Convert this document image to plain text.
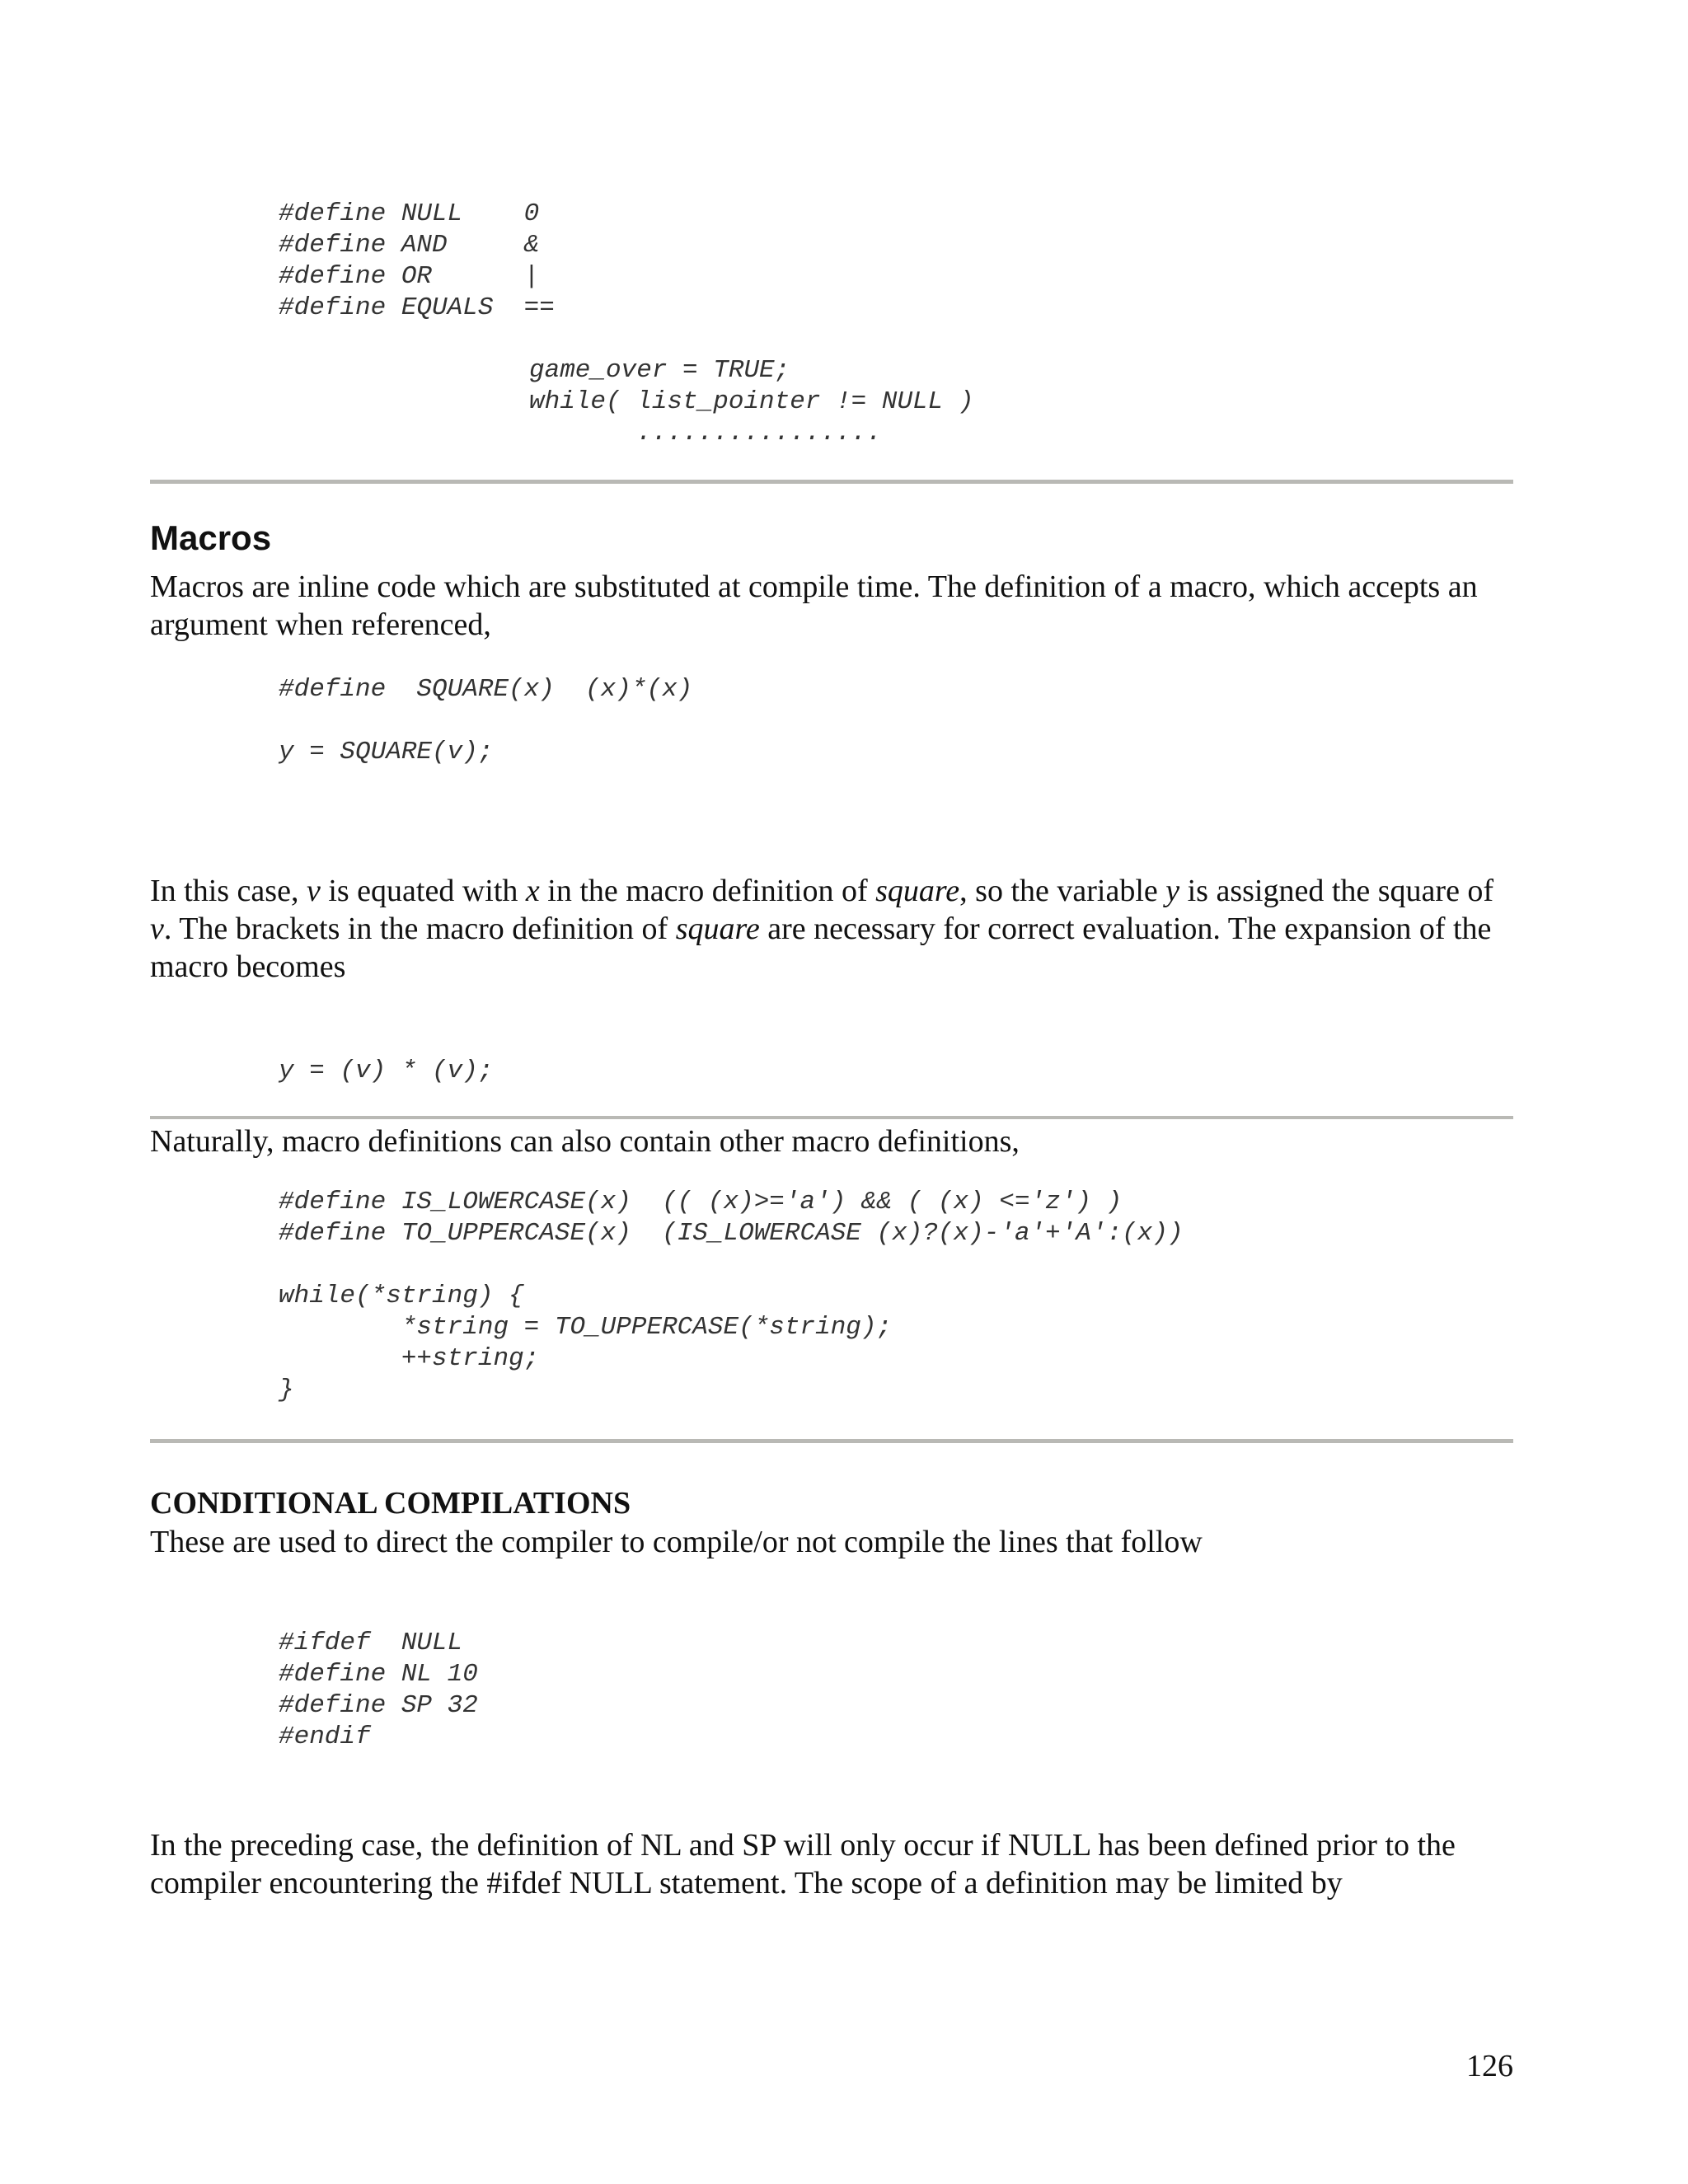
#define NULL    0
#define AND     &
#define OR      |
#define EQUALS  ==
game_over = TRUE;
while( list_pointer != NULL )
................
Macros

Macros are inline code which are substituted at compile time. The definition of a macro, which accepts an argument when referenced,

#define  SQUARE(x)  (x)*(x)

y = SQUARE(v);

In this case, v is equated with x in the macro definition of square, so the variable y is assigned the square of v. The brackets in the macro definition of square are necessary for correct evaluation. The expansion of the macro becomes

y = (v) * (v);

Naturally, macro definitions can also contain other macro definitions,

#define IS_LOWERCASE(x)  (( (x)>='a') && ( (x) <='z') )
#define TO_UPPERCASE(x)  (IS_LOWERCASE (x)?(x)-'a'+'A':(x))

while(*string) {
*string = TO_UPPERCASE(*string);
++string;
}
CONDITIONAL COMPILATIONS

These are used to direct the compiler to compile/or not compile the lines that follow

#ifdef  NULL
#define NL 10
#define SP 32
#endif

In the preceding case, the definition of NL and SP will only occur if NULL has been defined prior to the compiler encountering the #ifdef NULL statement. The scope of a definition may be limited by

126
